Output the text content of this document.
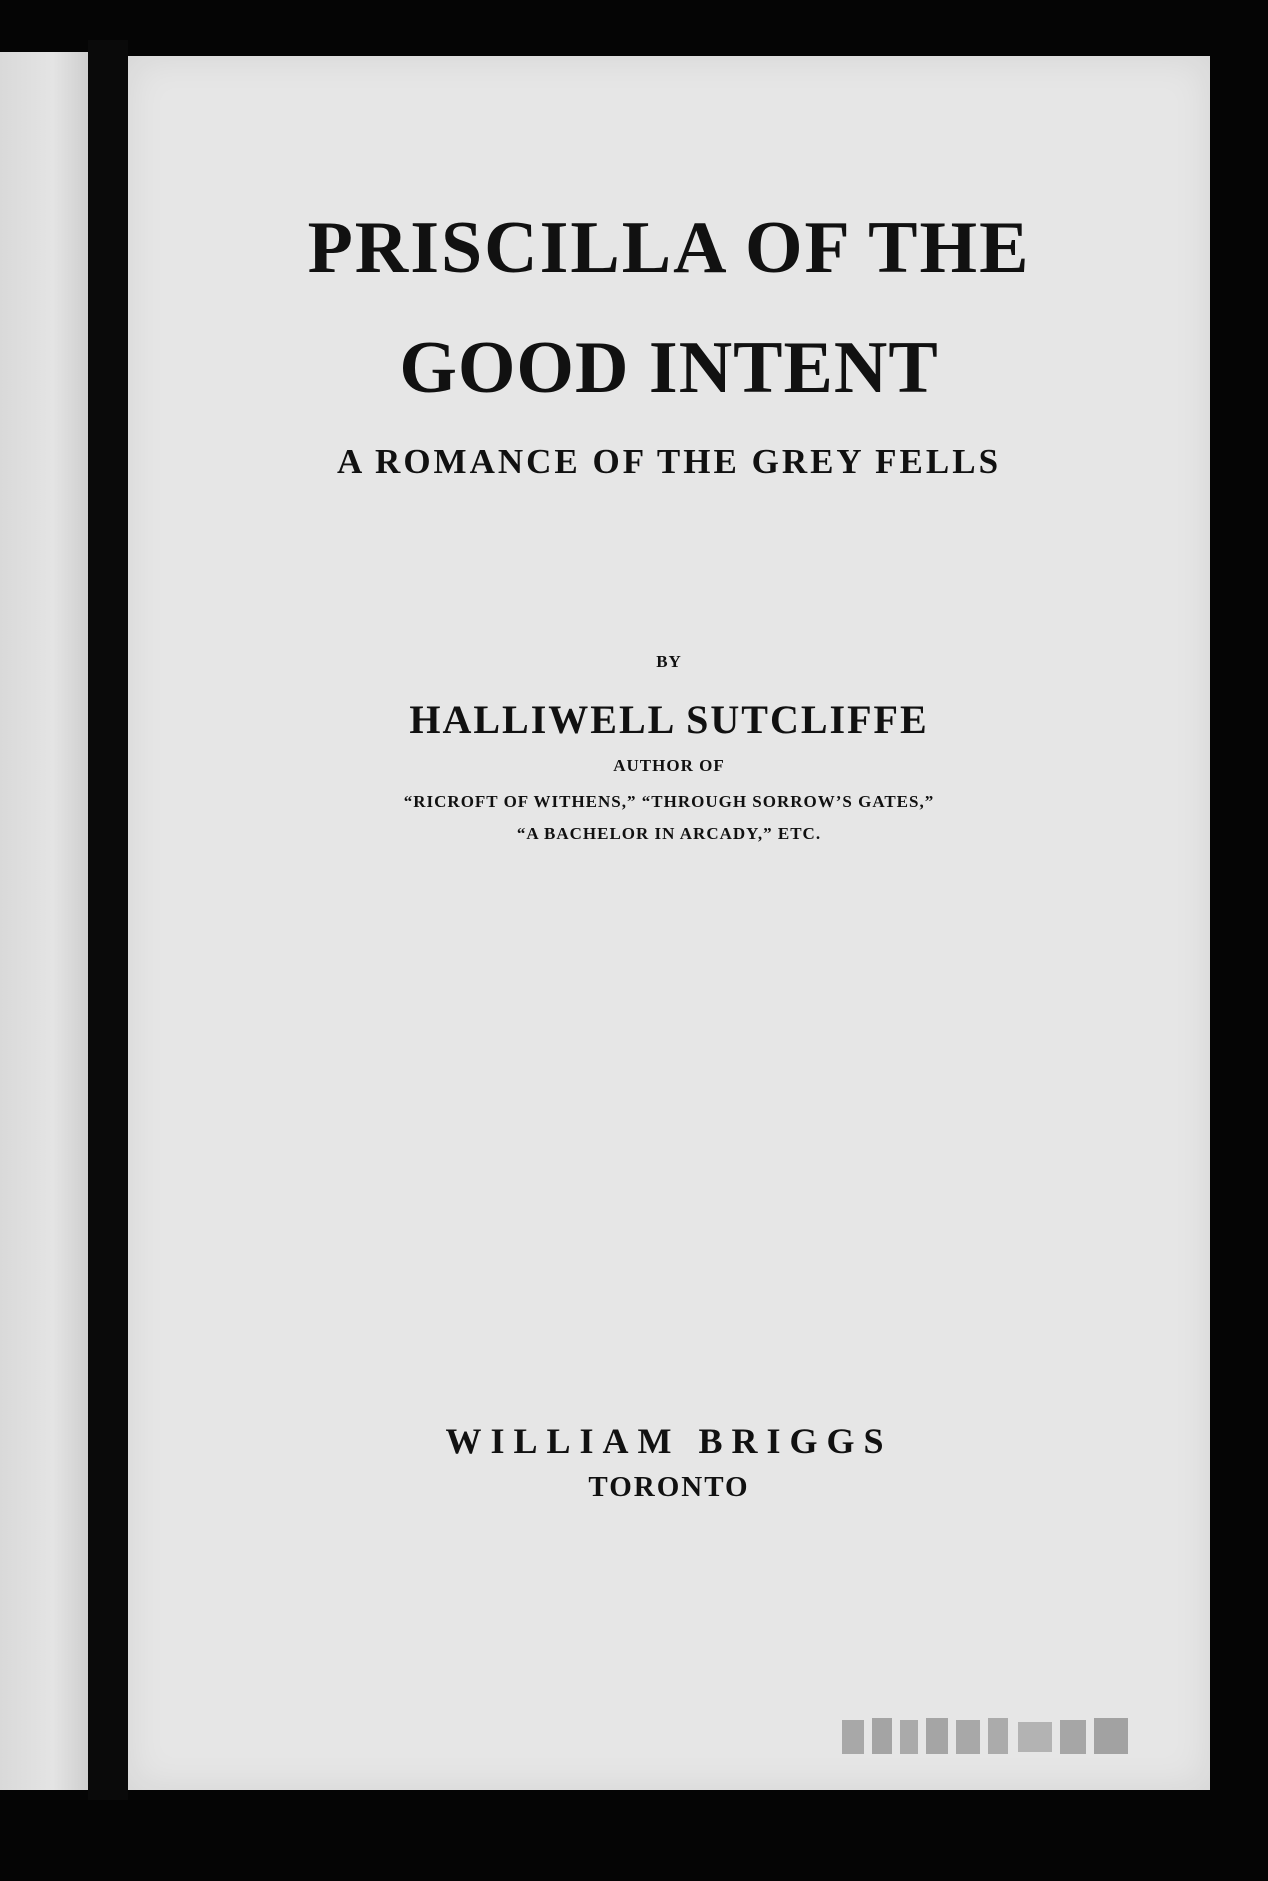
PRISCILLA OF THE
GOOD INTENT
A ROMANCE OF THE GREY FELLS
BY
HALLIWELL SUTCLIFFE
AUTHOR OF
“RICROFT OF WITHENS,” “THROUGH SORROW’S GATES,”
“A BACHELOR IN ARCADY,” ETC.
WILLIAM BRIGGS
TORONTO
